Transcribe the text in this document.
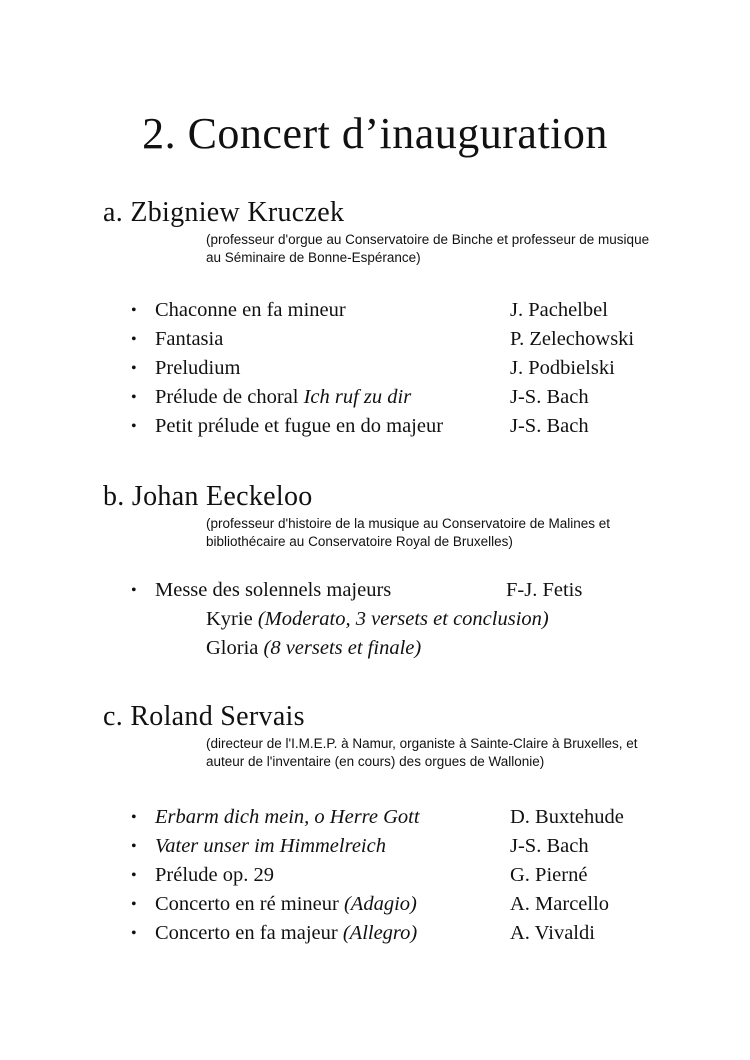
2. Concert d’inauguration

a. Zbigniew Kruczek

(professeur d'orgue au Conservatoire de Binche et professeur de musique au Séminaire de Bonne-Espérance)
• Chaconne en fa mineur	J. Pachelbel
• Fantasia	P. Zelechowski
• Preludium	J. Podbielski
• Prélude de choral Ich ruf zu dir	J-S. Bach
• Petit prélude et fugue en do majeur	J-S. Bach

b. Johan Eeckeloo

(professeur d'histoire de la musique au Conservatoire de Malines et bibliothécaire au Conservatoire Royal de Bruxelles)
• Messe des solennels majeurs	F-J. Fetis
Kyrie (Moderato, 3 versets et conclusion)
Gloria (8 versets et finale)

c. Roland Servais

(directeur de l'I.M.E.P. à Namur, organiste à Sainte-Claire à Bruxelles, et auteur de l'inventaire (en cours) des orgues de Wallonie)
• Erbarm dich mein, o Herre Gott	D. Buxtehude
• Vater unser im Himmelreich	J-S. Bach
• Prélude op. 29	G. Pierné
• Concerto en ré mineur (Adagio)	A. Marcello
• Concerto en fa majeur (Allegro)	A. Vivaldi
